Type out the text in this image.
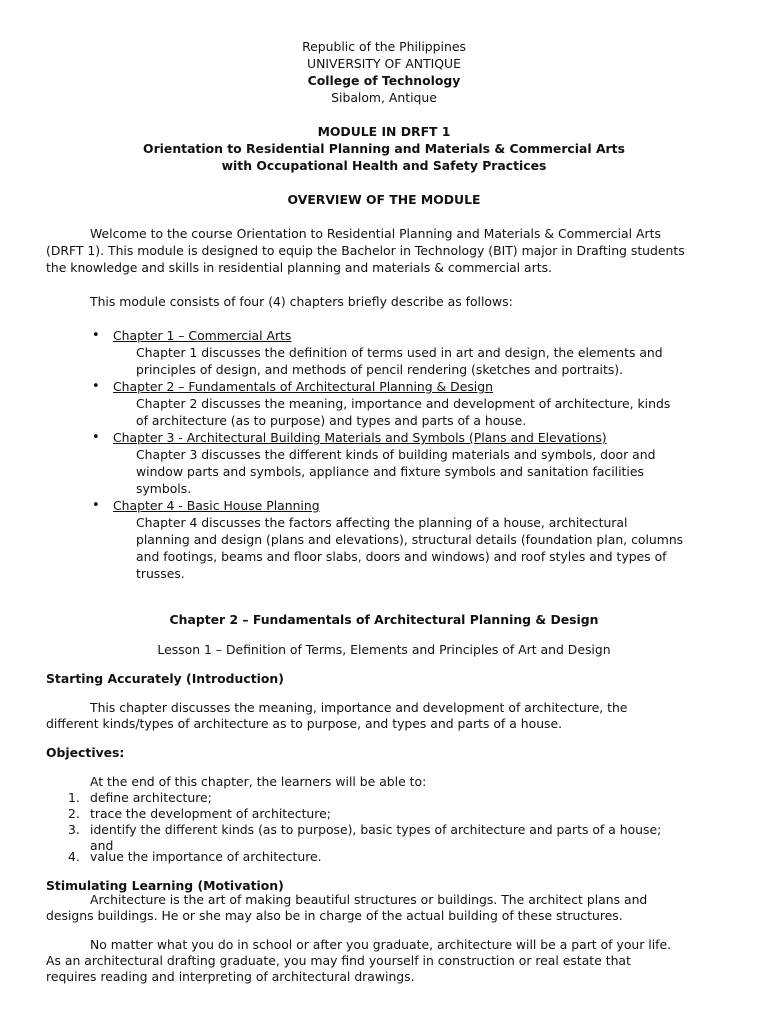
Republic of the Philippines
UNIVERSITY OF ANTIQUE
College of Technology
Sibalom, Antique
MODULE IN DRFT 1
Orientation to Residential Planning and Materials & Commercial Arts
with Occupational Health and Safety Practices
OVERVIEW OF THE MODULE
Welcome to the course Orientation to Residential Planning and Materials & Commercial Arts
(DRFT 1). This module is designed to equip the Bachelor in Technology (BIT) major in Drafting students
the knowledge and skills in residential planning and materials & commercial arts.
This module consists of four (4) chapters briefly describe as follows:
• Chapter 1 – Commercial Arts
Chapter 1 discusses the definition of terms used in art and design, the elements and
principles of design, and methods of pencil rendering (sketches and portraits).
• Chapter 2 – Fundamentals of Architectural Planning & Design
Chapter 2 discusses the meaning, importance and development of architecture, kinds
of architecture (as to purpose) and types and parts of a house.
• Chapter 3 - Architectural Building Materials and Symbols (Plans and Elevations)
Chapter 3 discusses the different kinds of building materials and symbols, door and
window parts and symbols, appliance and fixture symbols and sanitation facilities
symbols.
• Chapter 4 - Basic House Planning
Chapter 4 discusses the factors affecting the planning of a house, architectural
planning and design (plans and elevations), structural details (foundation plan, columns
and footings, beams and floor slabs, doors and windows) and roof styles and types of
trusses.
Chapter 2 – Fundamentals of Architectural Planning & Design
Lesson 1 – Definition of Terms, Elements and Principles of Art and Design
Starting Accurately (Introduction)
This chapter discusses the meaning, importance and development of architecture, the
different kinds/types of architecture as to purpose, and types and parts of a house.
Objectives:
At the end of this chapter, the learners will be able to:
1. define architecture;
2. trace the development of architecture;
3. identify the different kinds (as to purpose), basic types of architecture and parts of a house;
and
4. value the importance of architecture.
Stimulating Learning (Motivation)
Architecture is the art of making beautiful structures or buildings. The architect plans and
designs buildings. He or she may also be in charge of the actual building of these structures.
No matter what you do in school or after you graduate, architecture will be a part of your life.
As an architectural drafting graduate, you may find yourself in construction or real estate that
requires reading and interpreting of architectural drawings.
